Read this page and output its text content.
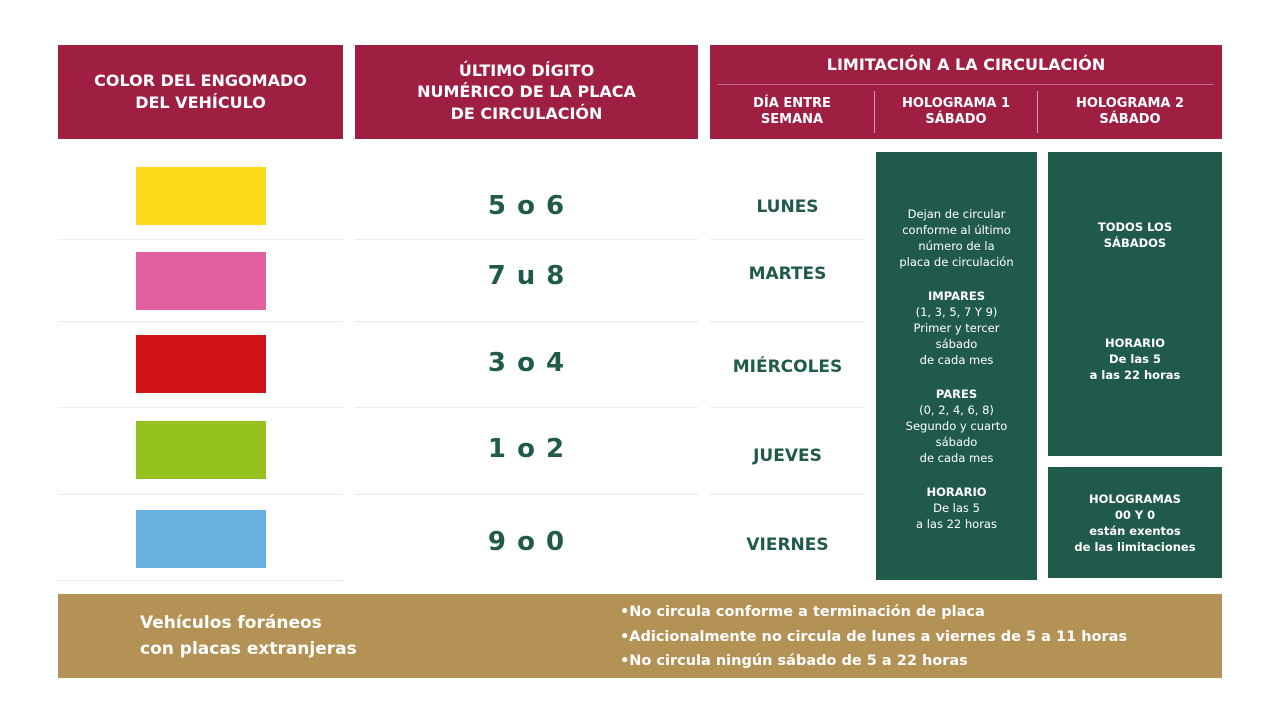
COLOR DEL ENGOMADO DEL VEHÍCULO
ÚLTIMO DÍGITO NUMÉRICO DE LA PLACA DE CIRCULACIÓN
LIMITACIÓN A LA CIRCULACIÓN
DÍA ENTRE SEMANA
HOLOGRAMA 1 SÁBADO
HOLOGRAMA 2 SÁBADO
5 o 6
7 u 8
3 o 4
1 o 2
9 o 0
LUNES
MARTES
MIÉRCOLES
JUEVES
VIERNES
Dejan de circular
conforme al último
número de la
placa de circulación
IMPARES
(1, 3, 5, 7 Y 9)
Primer y tercer
sábado
de cada mes
PARES
(0, 2, 4, 6, 8)
Segundo y cuarto
sábado
de cada mes
HORARIO
De las 5
a las 22 horas
TODOS LOS
SÁBADOS
HORARIO
De las 5
a las 22 horas
HOLOGRAMAS
00 Y 0
están exentos
de las limitaciones
Vehículos foráneos
con placas extranjeras
•No circula conforme a terminación de placa
•Adicionalmente no circula de lunes a viernes de 5 a 11 horas
•No circula ningún sábado de 5 a 22 horas
